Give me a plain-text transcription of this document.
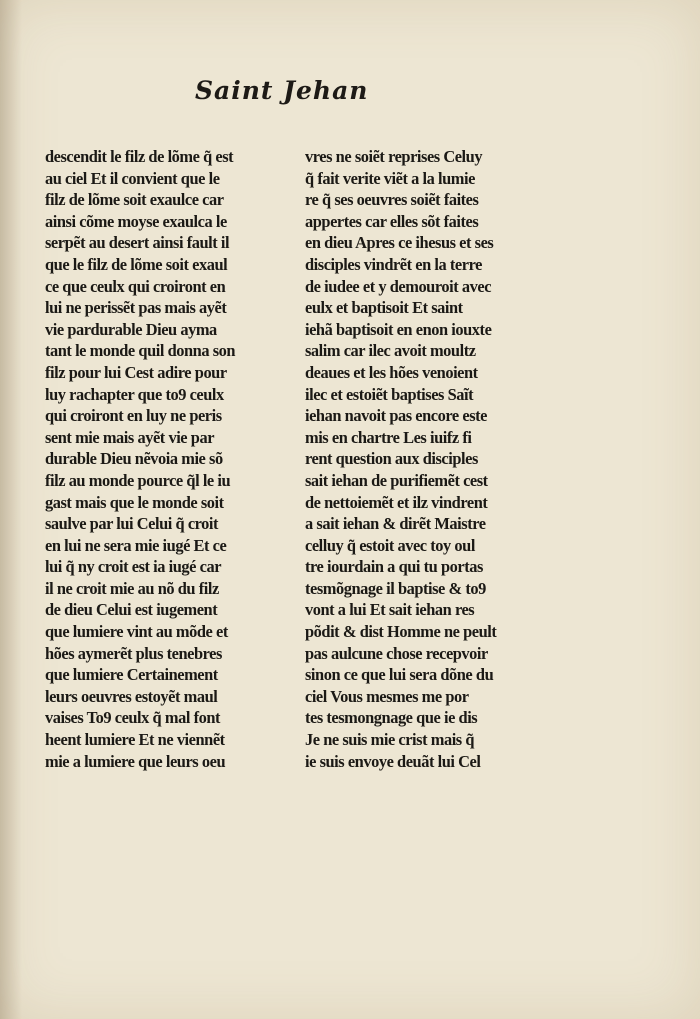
Saint Jehan
descendit le filz de lõme q̃ est
au ciel Et il convient que le
filz de lõme soit exaulce car
ainsi cõme moyse exaulca le
serpẽt au desert ainsi fault il
que le filz de lõme soit exaul
ce que ceulx qui croiront en
lui ne perissẽt pas mais ayẽt
vie pardurable Dieu ayma
tant le monde quil donna son
filz pour lui Cest adire pour
luy rachapter que to9 ceulx
qui croiront en luy ne peris
sent mie mais ayẽt vie par
durable Dieu nẽvoia mie sõ
filz au monde pource q̃l le iu
gast mais que le monde soit
saulve par lui Celui q̃ croit
en lui ne sera mie iugé Et ce
lui q̃ ny croit est ia iugé car
il ne croit mie au nõ du filz
de dieu Celui est iugement
que lumiere vint au mõde et
hões aymerẽt plus tenebres
que lumiere Certainement
leurs oeuvres estoyẽt maul
vaises To9 ceulx q̃ mal font
heent lumiere Et ne viennẽt
mie a lumiere que leurs oeu
vres ne soiẽt reprises Celuy
q̃ fait verite viẽt a la lumie
re q̃ ses oeuvres soiẽt faites
appertes car elles sõt faites
en dieu Apres ce ihesus et ses
disciples vindrẽt en la terre
de iudee et y demouroit avec
eulx et baptisoit Et saint
iehã baptisoit en enon iouxte
salim car ilec avoit moultz
deaues et les hões venoient
ilec et estoiẽt baptises Saĩt
iehan navoit pas encore este
mis en chartre Les iuifz fi
rent question aux disciples
sait iehan de purifiemẽt cest
de nettoiemẽt et ilz vindrent
a sait iehan & dirẽt Maistre
celluy q̃ estoit avec toy oul
tre iourdain a qui tu portas
tesmõgnage il baptise & to9
vont a lui Et sait iehan res
põdit & dist Homme ne peult
pas aulcune chose recepvoir
sinon ce que lui sera dõne du
ciel Vous mesmes me por
tes tesmongnage que ie dis
Je ne suis mie crist mais q̃
ie suis envoye deuãt lui Cel
